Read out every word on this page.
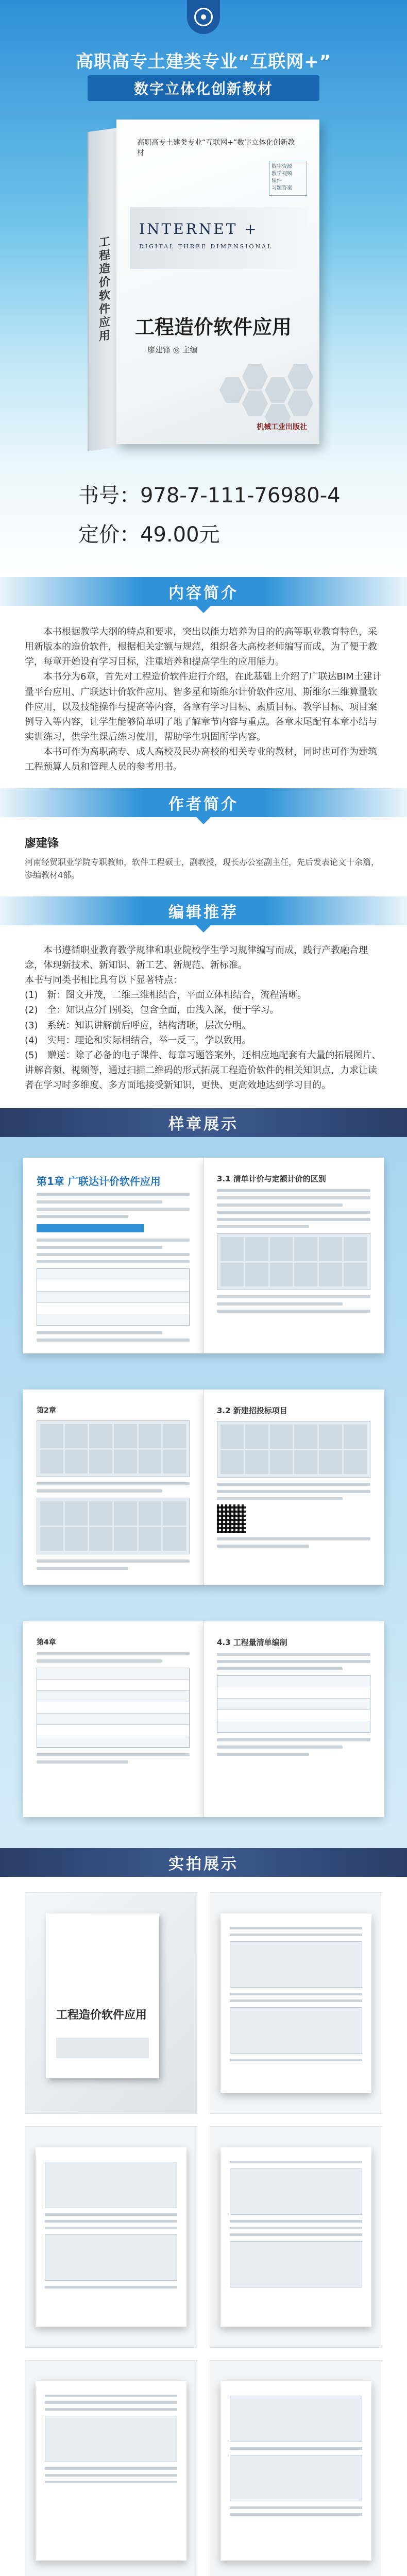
高职高专土建类专业“互联网+”
数字立体化创新教材
工程造价软件应用
高职高专土建类专业“互联网+”数字立体化创新教材
数字资源
教学视频
课件
习题答案
INTERNET +
DIGITAL THREE DIMENSIONAL
工程造价软件应用
廖建锋 ◎ 主编
机械工业出版社
书号：978-7-111-76980-4
定价：49.00元
内容简介

本书根据教学大纲的特点和要求，突出以能力培养为目的的高等职业教育特色，采用新版本的造价软件，根据相关定额与规范，组织各大高校老师编写而成，为了便于教学，每章开始设有学习目标，注重培养和提高学生的应用能力。

本书分为6章，首先对工程造价软件进行介绍，在此基础上介绍了广联达BIM土建计量平台应用、广联达计价软件应用、智多星和斯维尔计价软件应用、斯维尔三维算量软件应用，以及技能操作与提高等内容，各章有学习目标、素质目标、教学目标、项目案例导入等内容，让学生能够简单明了地了解章节内容与重点。各章末尾配有本章小结与实训练习，供学生课后练习使用，帮助学生巩固所学内容。

本书可作为高职高专、成人高校及民办高校的相关专业的教材，同时也可作为建筑工程预算人员和管理人员的参考用书。

作者简介
廖建锋
河南经贸职业学院专职教师，软件工程硕士，副教授，现长办公室副主任，先后发表论文十余篇，参编教材4部。
编辑推荐

本书遵循职业教育教学规律和职业院校学生学习规律编写而成，践行产教融合理念，体现新技术、新知识、新工艺、新规范、新标准。

本书与同类书相比具有以下显著特点：

(1)　新：图文并茂，二维三维相结合，平面立体相结合，流程清晰。

(2)　全：知识点分门别类，包含全面，由浅入深，便于学习。

(3)　系统：知识讲解前后呼应，结构清晰，层次分明。

(4)　实用：理论和实际相结合，举一反三，学以致用。

(5)　赠送：除了必备的电子课件、每章习题答案外，还相应地配套有大量的拓展图片、讲解音频、视频等，通过扫描二维码的形式拓展工程造价软件的相关知识点，力求让读者在学习时多维度、多方面地接受新知识，更快、更高效地达到学习目的。

样章展示
第1章 广联达计价软件应用	3.1 清单计价与定额计价的区别
第2章	3.2 新建招投标项目
第4章	4.3 工程量清单编制
实拍展示
工程造价软件应用
